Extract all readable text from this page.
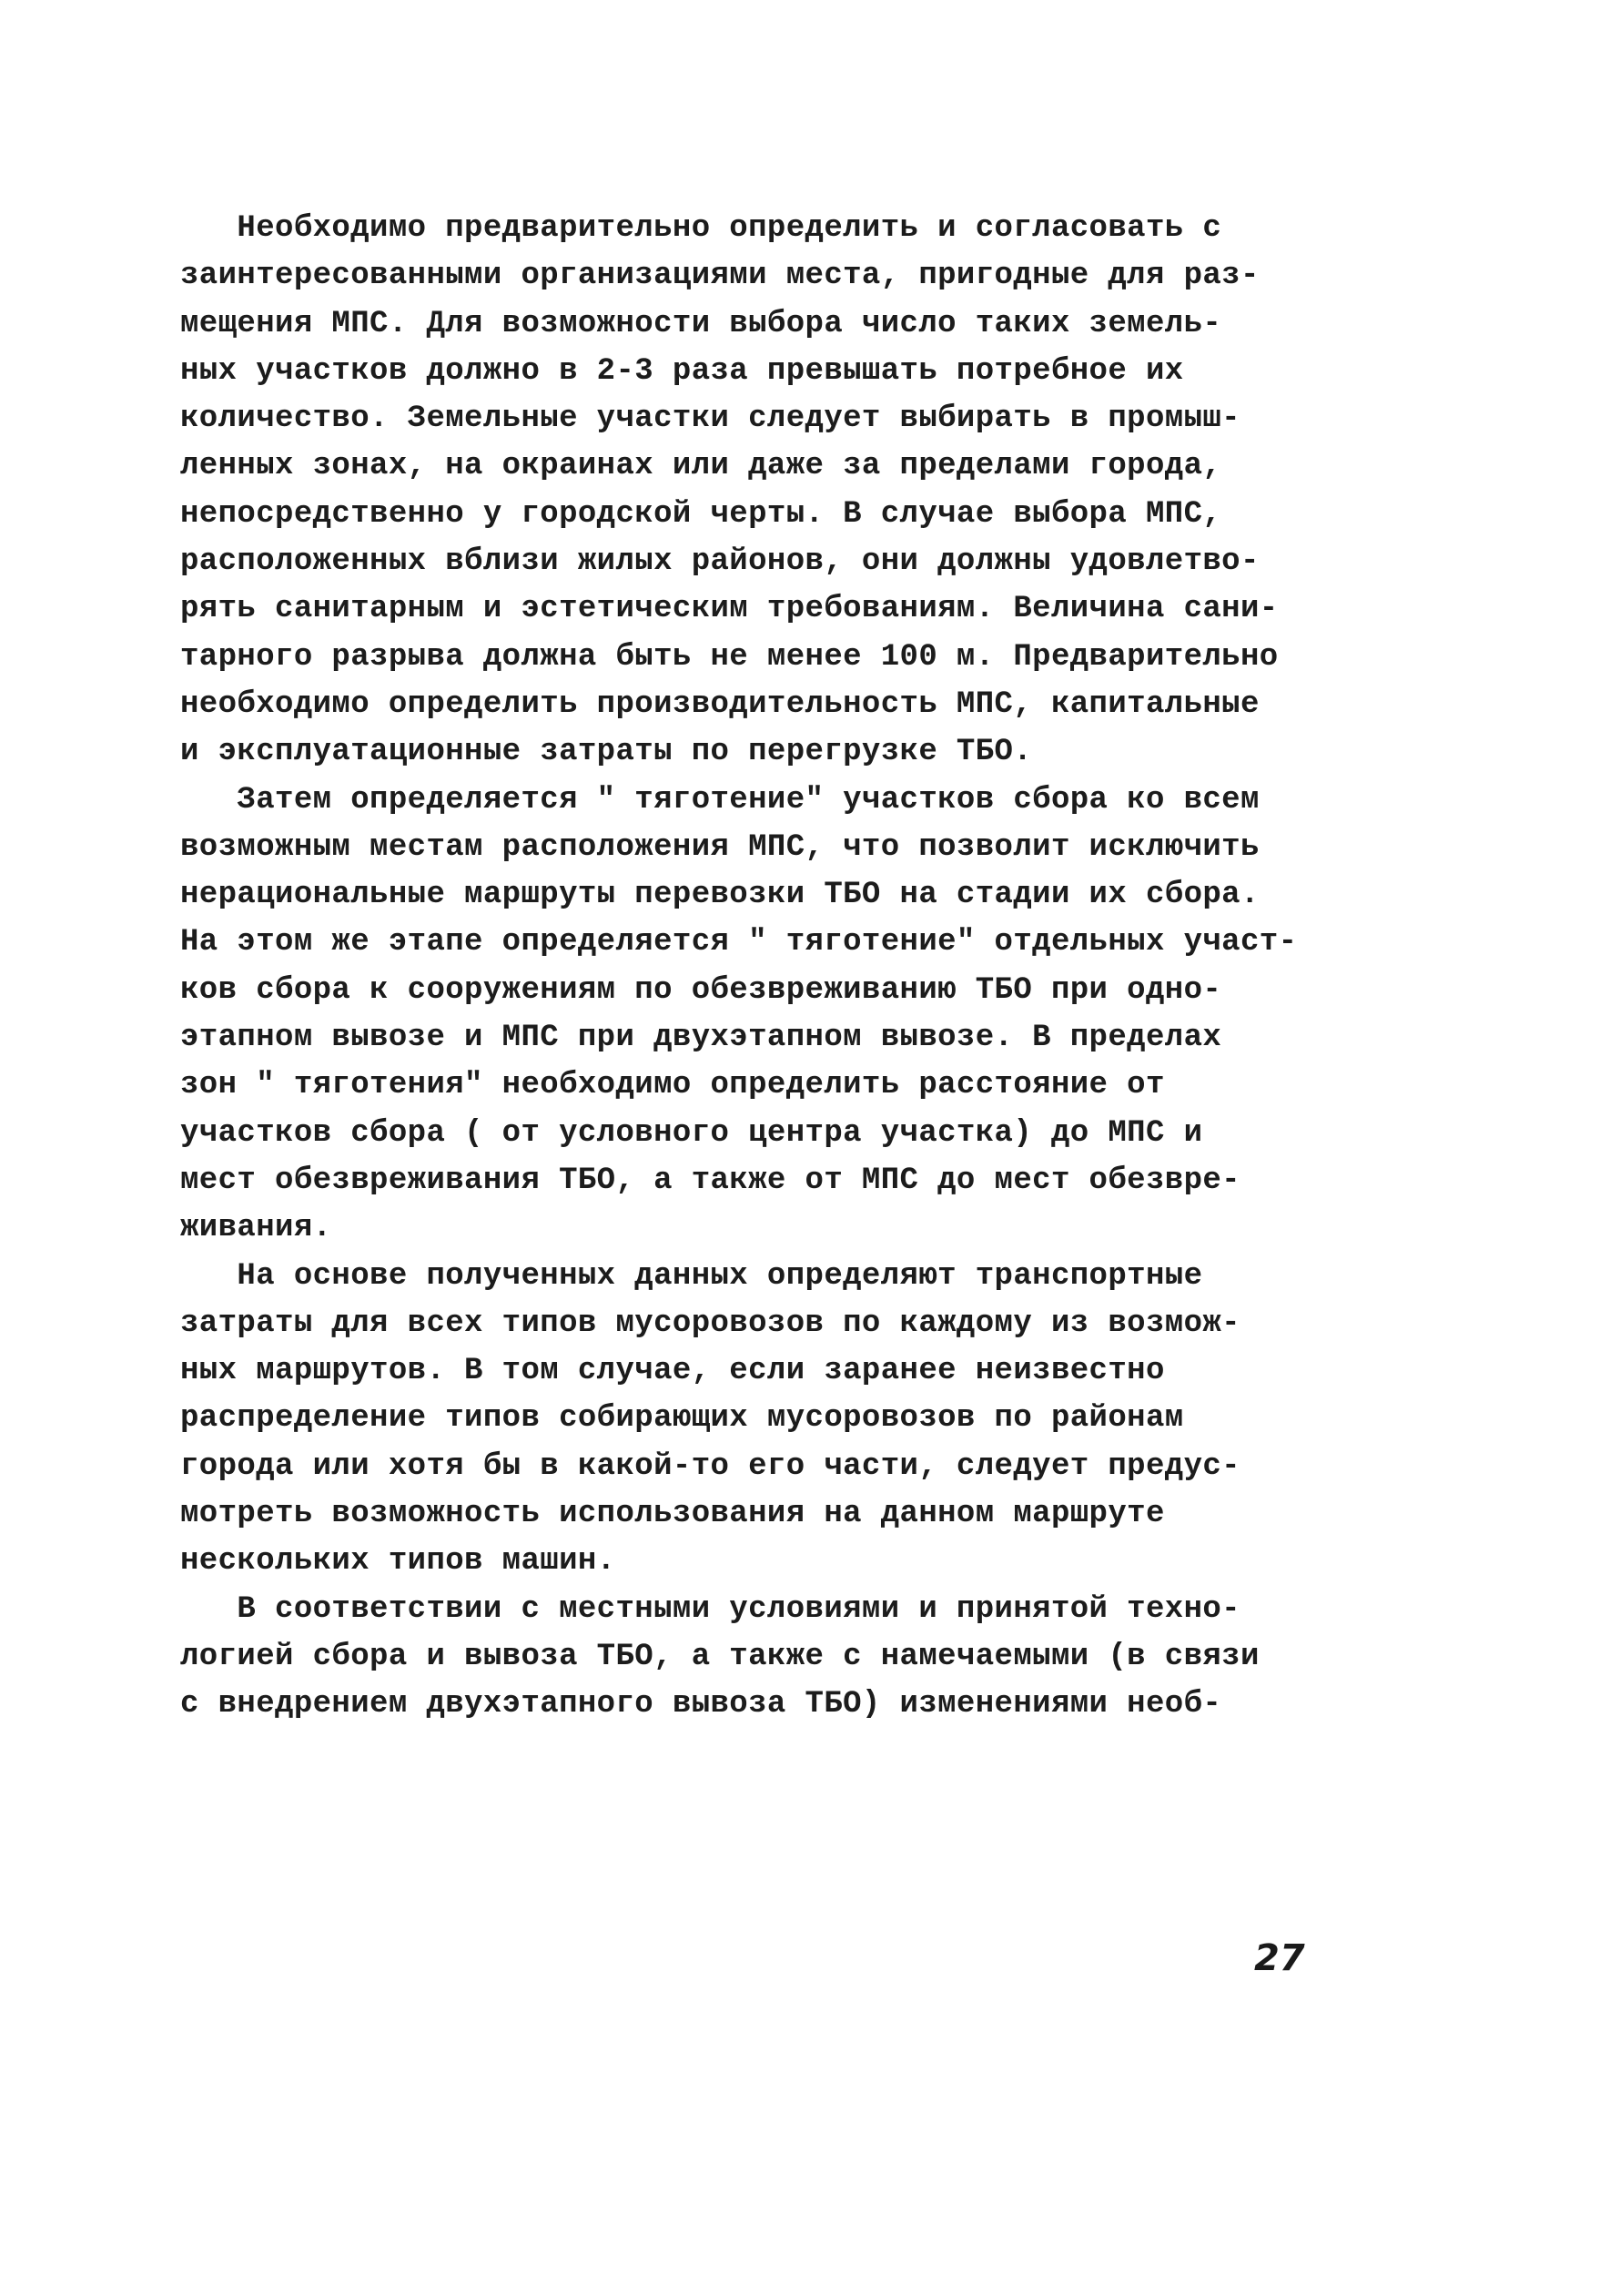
Необходимо предварительно определить и согласовать с
заинтересованными организациями места, пригодные для раз-
мещения МПС. Для возможности выбора число таких земель-
ных участков должно в 2-3 раза превышать потребное их
количество. Земельные участки следует выбирать в промыш-
ленных зонах, на окраинах или даже за пределами города,
непосредственно у городской черты. В случае выбора МПС,
расположенных вблизи жилых районов, они должны удовлетво-
рять санитарным и эстетическим требованиям. Величина сани-
тарного разрыва должна быть не менее 100 м. Предварительно
необходимо определить производительность МПС, капитальные
и эксплуатационные затраты по перегрузке ТБО.
Затем определяется " тяготение" участков сбора ко всем
возможным местам расположения МПС, что позволит исключить
нерациональные маршруты перевозки ТБО на стадии их сбора.
На этом же этапе определяется " тяготение" отдельных участ-
ков сбора к сооружениям по обезвреживанию ТБО при одно-
этапном вывозе и МПС при двухэтапном вывозе. В пределах
зон " тяготения" необходимо определить расстояние от
участков сбора ( от условного центра участка) до МПС и
мест обезвреживания ТБО, а также от МПС до мест обезвре-
живания.
На основе полученных данных определяют транспортные
затраты для всех типов мусоровозов по каждому из возмож-
ных маршрутов. В том случае, если заранее неизвестно
распределение типов собирающих мусоровозов по районам
города или хотя бы в какой-то его части, следует предус-
мотреть возможность использования на данном маршруте
нескольких типов машин.
В соответствии с местными условиями и принятой техно-
логией сбора и вывоза ТБО, а также с намечаемыми (в связи
с внедрением двухэтапного вывоза ТБО) изменениями необ-
27
